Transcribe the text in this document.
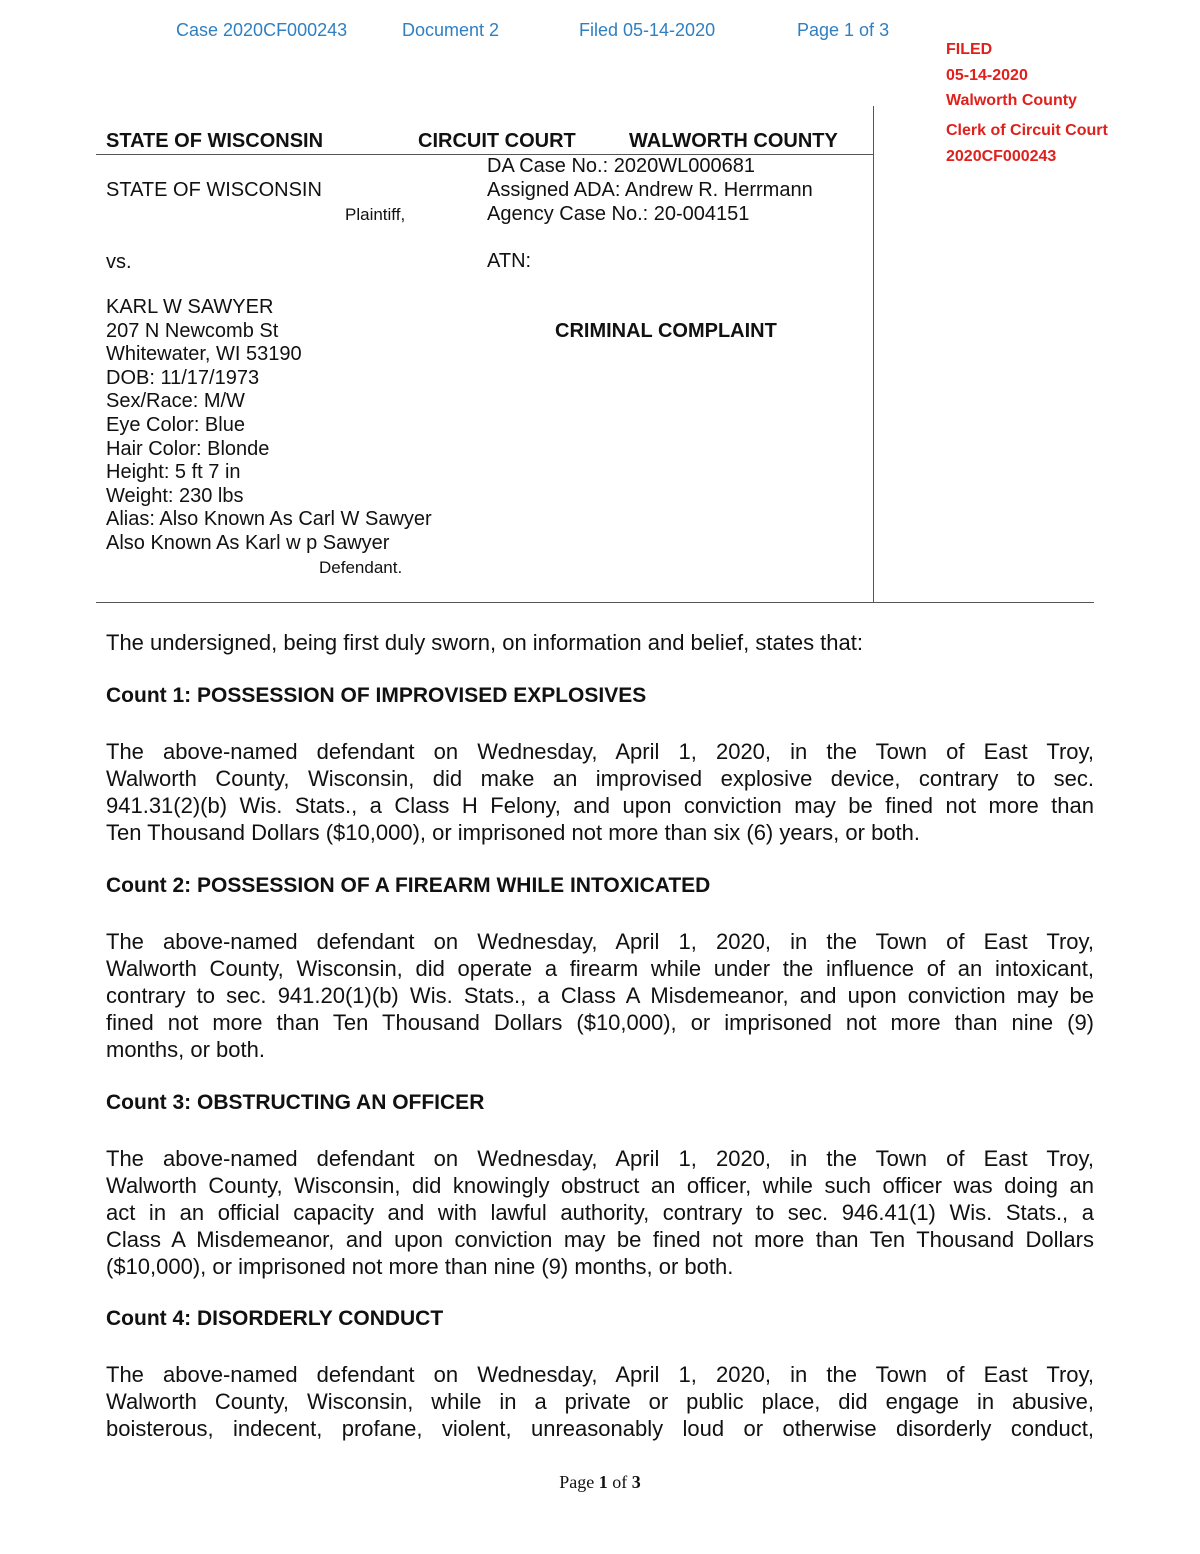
Case 2020CF000243	Document 2	Filed 05-14-2020	Page 1 of 3
FILED
05-14-2020
Walworth County
Clerk of Circuit Court
2020CF000243
STATE OF WISCONSIN	CIRCUIT COURT	WALWORTH COUNTY
DA Case No.: 2020WL000681
Assigned ADA: Andrew R. Herrmann
Agency Case No.: 20-004151
ATN:
STATE OF WISCONSIN
Plaintiff,
vs.
CRIMINAL COMPLAINT
KARL W SAWYER
207 N Newcomb St
Whitewater, WI 53190
DOB: 11/17/1973
Sex/Race: M/W
Eye Color: Blue
Hair Color: Blonde
Height: 5 ft 7 in
Weight: 230 lbs
Alias: Also Known As Carl W Sawyer
Also Known As Karl w p Sawyer
Defendant.
The undersigned, being first duly sworn, on information and belief, states that:
Count 1: POSSESSION OF IMPROVISED EXPLOSIVES
The above-named defendant on Wednesday, April 1, 2020, in the Town of East Troy,
Walworth County, Wisconsin, did make an improvised explosive device, contrary to sec.
941.31(2)(b) Wis. Stats., a Class H Felony, and upon conviction may be fined not more than
Ten Thousand Dollars ($10,000), or imprisoned not more than six (6) years, or both.
Count 2: POSSESSION OF A FIREARM WHILE INTOXICATED
The above-named defendant on Wednesday, April 1, 2020, in the Town of East Troy,
Walworth County, Wisconsin, did operate a firearm while under the influence of an intoxicant,
contrary to sec. 941.20(1)(b) Wis. Stats., a Class A Misdemeanor, and upon conviction may be
fined not more than Ten Thousand Dollars ($10,000), or imprisoned not more than nine (9)
months, or both.
Count 3: OBSTRUCTING AN OFFICER
The above-named defendant on Wednesday, April 1, 2020, in the Town of East Troy,
Walworth County, Wisconsin, did knowingly obstruct an officer, while such officer was doing an
act in an official capacity and with lawful authority, contrary to sec. 946.41(1) Wis. Stats., a
Class A Misdemeanor, and upon conviction may be fined not more than Ten Thousand Dollars
($10,000), or imprisoned not more than nine (9) months, or both.
Count 4: DISORDERLY CONDUCT
The above-named defendant on Wednesday, April 1, 2020, in the Town of East Troy,
Walworth County, Wisconsin, while in a private or public place, did engage in abusive,
boisterous, indecent, profane, violent, unreasonably loud or otherwise disorderly conduct,
Page 1 of 3
